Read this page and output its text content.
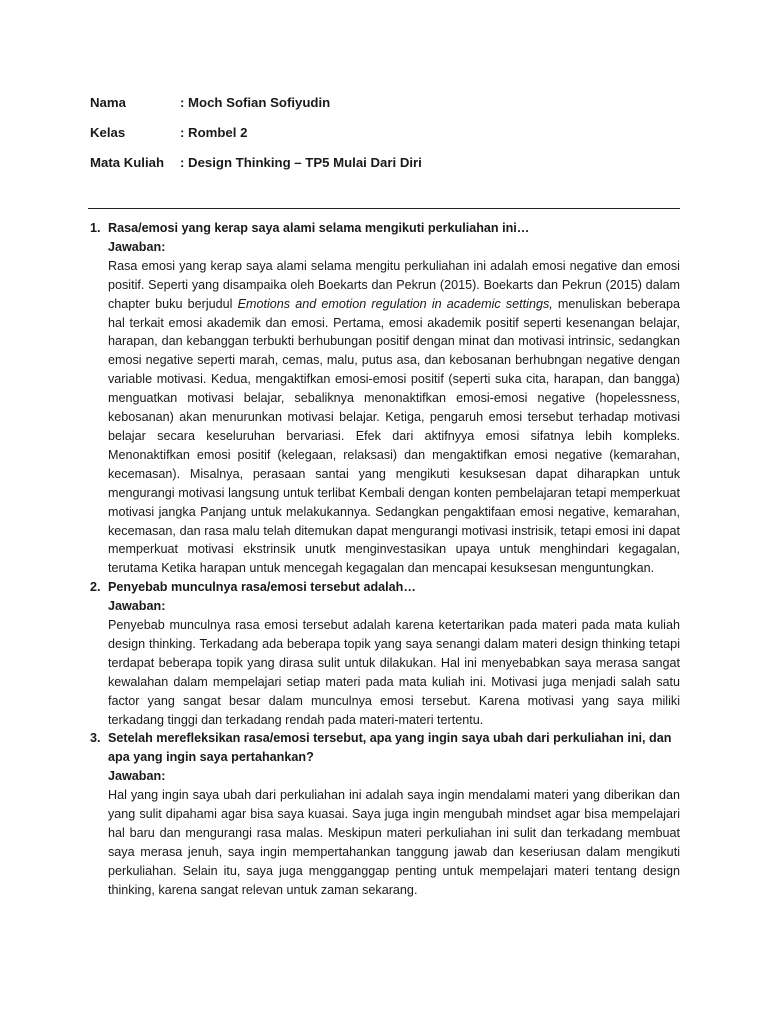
Nama	: Moch Sofian Sofiyudin
Kelas	: Rombel 2
Mata Kuliah	: Design Thinking – TP5 Mulai Dari Diri
1. Rasa/emosi yang kerap saya alami selama mengikuti perkuliahan ini…
Jawaban:
Rasa emosi yang kerap saya alami selama mengitu perkuliahan ini adalah emosi negative dan emosi positif. Seperti yang disampaika oleh Boekarts dan Pekrun (2015). Boekarts dan Pekrun (2015) dalam chapter buku berjudul Emotions and emotion regulation in academic settings, menuliskan beberapa hal terkait emosi akademik dan emosi. Pertama, emosi akademik positif seperti kesenangan belajar, harapan, dan kebanggan terbukti berhubungan positif dengan minat dan motivasi intrinsic, sedangkan emosi negative seperti marah, cemas, malu, putus asa, dan kebosanan berhubngan negative dengan variable motivasi. Kedua, mengaktifkan emosi-emosi positif (seperti suka cita, harapan, dan bangga) menguatkan motivasi belajar, sebaliknya menonaktifkan emosi-emosi negative (hopelessness, kebosanan) akan menurunkan motivasi belajar. Ketiga, pengaruh emosi tersebut terhadap motivasi belajar secara keseluruhan bervariasi. Efek dari aktifnyya emosi sifatnya lebih kompleks. Menonaktifkan emosi positif (kelegaan, relaksasi) dan mengaktifkan emosi negative (kemarahan, kecemasan). Misalnya, perasaan santai yang mengikuti kesuksesan dapat diharapkan untuk mengurangi motivasi langsung untuk terlibat Kembali dengan konten pembelajaran tetapi memperkuat motivasi jangka Panjang untuk melakukannya. Sedangkan pengaktifaan emosi negative, kemarahan, kecemasan, dan rasa malu telah ditemukan dapat mengurangi motivasi instrisik, tetapi emosi ini dapat memperkuat motivasi ekstrinsik unutk menginvestasikan upaya untuk menghindari kegagalan, terutama Ketika harapan untuk mencegah kegagalan dan mencapai kesuksesan menguntungkan.
2. Penyebab munculnya rasa/emosi tersebut adalah…
Jawaban:
Penyebab munculnya rasa emosi tersebut adalah karena ketertarikan pada materi pada mata kuliah design thinking. Terkadang ada beberapa topik yang saya senangi dalam materi design thinking tetapi terdapat beberapa topik yang dirasa sulit untuk dilakukan. Hal ini menyebabkan saya merasa sangat kewalahan dalam mempelajari setiap materi pada mata kuliah ini. Motivasi juga menjadi salah satu factor yang sangat besar dalam munculnya emosi tersebut. Karena motivasi yang saya miliki terkadang tinggi dan terkadang rendah pada materi-materi tertentu.
3. Setelah merefleksikan rasa/emosi tersebut, apa yang ingin saya ubah dari perkuliahan ini, dan apa yang ingin saya pertahankan?
Jawaban:
Hal yang ingin saya ubah dari perkuliahan ini adalah saya ingin mendalami materi yang diberikan dan yang sulit dipahami agar bisa saya kuasai. Saya juga ingin mengubah mindset agar bisa mempelajari hal baru dan mengurangi rasa malas. Meskipun materi perkuliahan ini sulit dan terkadang membuat saya merasa jenuh, saya ingin mempertahankan tanggung jawab dan keseriusan dalam mengikuti perkuliahan. Selain itu, saya juga mengganggap penting untuk mempelajari materi tentang design thinking, karena sangat relevan untuk zaman sekarang.
